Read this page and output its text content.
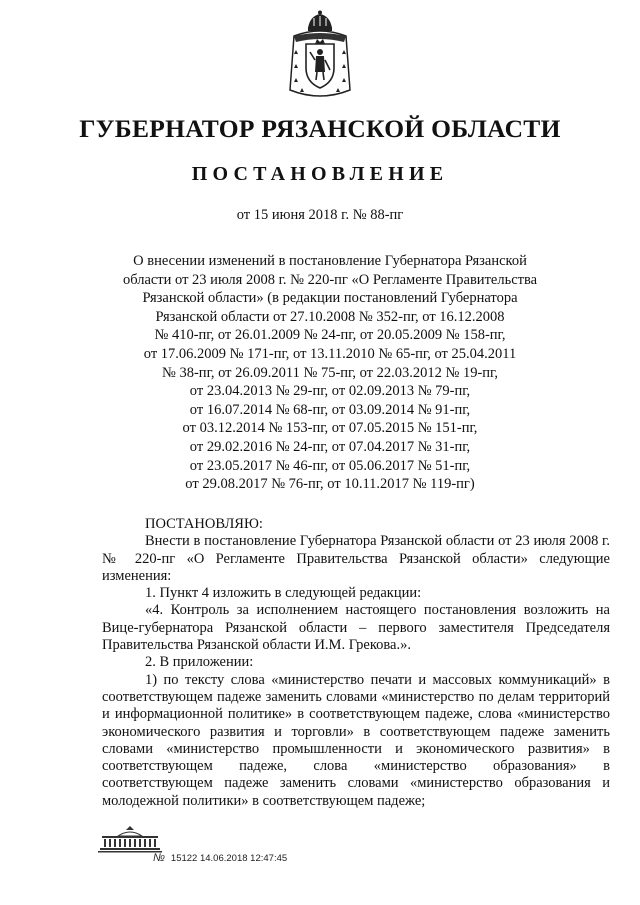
ГУБЕРНАТОР РЯЗАНСКОЙ ОБЛАСТИ
ПОСТАНОВЛЕНИЕ
от 15 июня 2018 г. № 88-пг
О внесении изменений в постановление Губернатора Рязанской
области от 23 июля 2008 г. № 220-пг «О Регламенте Правительства
Рязанской области» (в редакции постановлений Губернатора
Рязанской области от 27.10.2008 № 352-пг, от 16.12.2008
№ 410-пг, от 26.01.2009 № 24-пг, от 20.05.2009 № 158-пг,
от 17.06.2009 № 171-пг, от 13.11.2010 № 65-пг, от 25.04.2011
№ 38-пг, от 26.09.2011 № 75-пг, от 22.03.2012 № 19-пг,
от 23.04.2013 № 29-пг, от 02.09.2013 № 79-пг,
от 16.07.2014 № 68-пг, от 03.09.2014 № 91-пг,
от 03.12.2014 № 153-пг, от 07.05.2015 № 151-пг,
от 29.02.2016 № 24-пг, от 07.04.2017 № 31-пг,
от 23.05.2017 № 46-пг, от 05.06.2017 № 51-пг,
от 29.08.2017 № 76-пг, от 10.11.2017 № 119-пг)

ПОСТАНОВЛЯЮ:

Внести в постановление Губернатора Рязанской области от 23 июля 2008 г. № 220-пг «О Регламенте Правительства Рязанской области» следующие изменения:

1. Пункт 4 изложить в следующей редакции:

«4. Контроль за исполнением настоящего постановления возложить на Вице-губернатора Рязанской области – первого заместителя Председателя Правительства Рязанской области И.М. Грекова.».

2. В приложении:

1) по тексту слова «министерство печати и массовых коммуникаций» в соответствующем падеже заменить словами «министерство по делам территорий и информационной политике» в соответствующем падеже, слова «министерство экономического развития и торговли» в соответствующем падеже заменить словами «министерство промышленности и экономического развития» в соответствующем падеже, слова «министерство образования» в соответствующем падеже заменить словами «министерство образования и молодежной политики» в соответствующем падеже;

№ 15122 14.06.2018 12:47:45
